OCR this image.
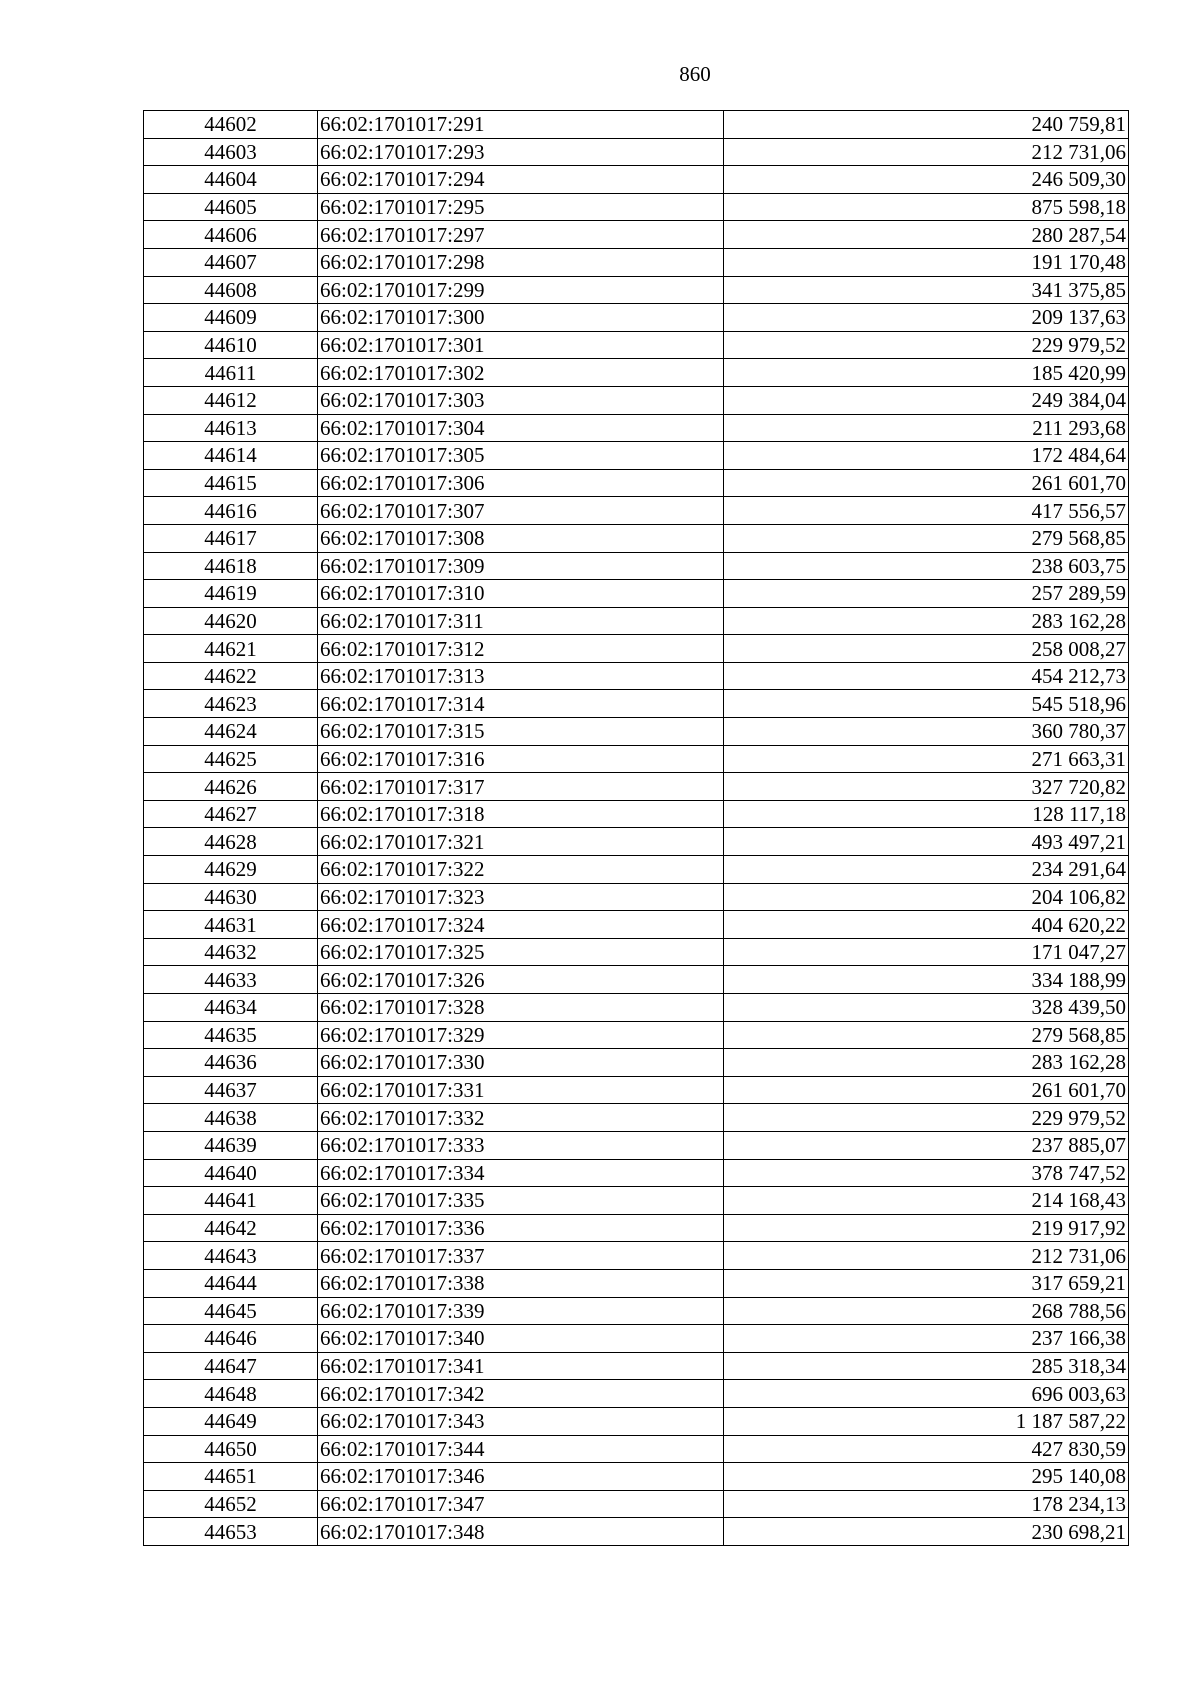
860
44602	66:02:1701017:291	240 759,81
44603	66:02:1701017:293	212 731,06
44604	66:02:1701017:294	246 509,30
44605	66:02:1701017:295	875 598,18
44606	66:02:1701017:297	280 287,54
44607	66:02:1701017:298	191 170,48
44608	66:02:1701017:299	341 375,85
44609	66:02:1701017:300	209 137,63
44610	66:02:1701017:301	229 979,52
44611	66:02:1701017:302	185 420,99
44612	66:02:1701017:303	249 384,04
44613	66:02:1701017:304	211 293,68
44614	66:02:1701017:305	172 484,64
44615	66:02:1701017:306	261 601,70
44616	66:02:1701017:307	417 556,57
44617	66:02:1701017:308	279 568,85
44618	66:02:1701017:309	238 603,75
44619	66:02:1701017:310	257 289,59
44620	66:02:1701017:311	283 162,28
44621	66:02:1701017:312	258 008,27
44622	66:02:1701017:313	454 212,73
44623	66:02:1701017:314	545 518,96
44624	66:02:1701017:315	360 780,37
44625	66:02:1701017:316	271 663,31
44626	66:02:1701017:317	327 720,82
44627	66:02:1701017:318	128 117,18
44628	66:02:1701017:321	493 497,21
44629	66:02:1701017:322	234 291,64
44630	66:02:1701017:323	204 106,82
44631	66:02:1701017:324	404 620,22
44632	66:02:1701017:325	171 047,27
44633	66:02:1701017:326	334 188,99
44634	66:02:1701017:328	328 439,50
44635	66:02:1701017:329	279 568,85
44636	66:02:1701017:330	283 162,28
44637	66:02:1701017:331	261 601,70
44638	66:02:1701017:332	229 979,52
44639	66:02:1701017:333	237 885,07
44640	66:02:1701017:334	378 747,52
44641	66:02:1701017:335	214 168,43
44642	66:02:1701017:336	219 917,92
44643	66:02:1701017:337	212 731,06
44644	66:02:1701017:338	317 659,21
44645	66:02:1701017:339	268 788,56
44646	66:02:1701017:340	237 166,38
44647	66:02:1701017:341	285 318,34
44648	66:02:1701017:342	696 003,63
44649	66:02:1701017:343	1 187 587,22
44650	66:02:1701017:344	427 830,59
44651	66:02:1701017:346	295 140,08
44652	66:02:1701017:347	178 234,13
44653	66:02:1701017:348	230 698,21
